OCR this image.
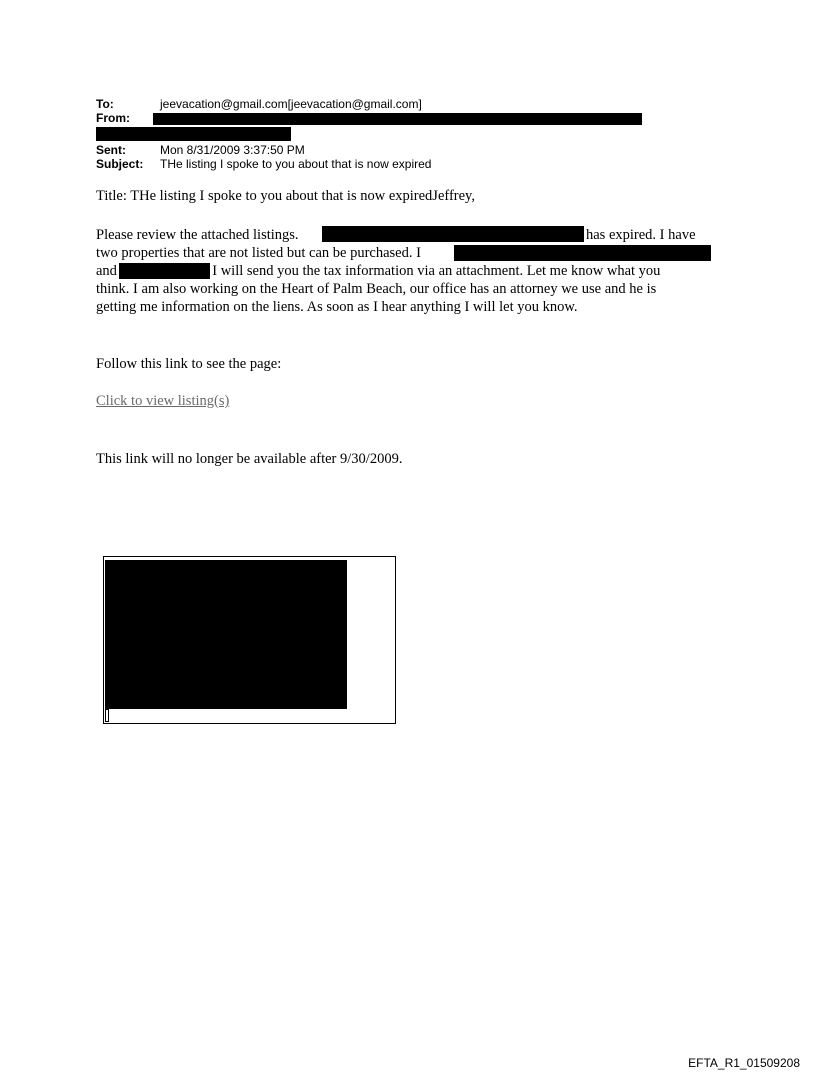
To:	jeevacation@gmail.com[jeevacation@gmail.com]
From:
Sent:	Mon 8/31/2009 3:37:50 PM
Subject: THe listing I spoke to you about that is now expired
Title: THe listing I spoke to you about that is now expiredJeffrey,
Please review the attached listings.	has expired. I have
two properties that are not listed but can be purchased. I
and	. I will send you the tax information via an attachment. Let me know what you
think. I am also working on the Heart of Palm Beach, our office has an attorney we use and he is
getting me information on the liens. As soon as I hear anything I will let you know.
Follow this link to see the page:
Click to view listing(s)
This link will no longer be available after 9/30/2009.
EFTA_R1_01509208
